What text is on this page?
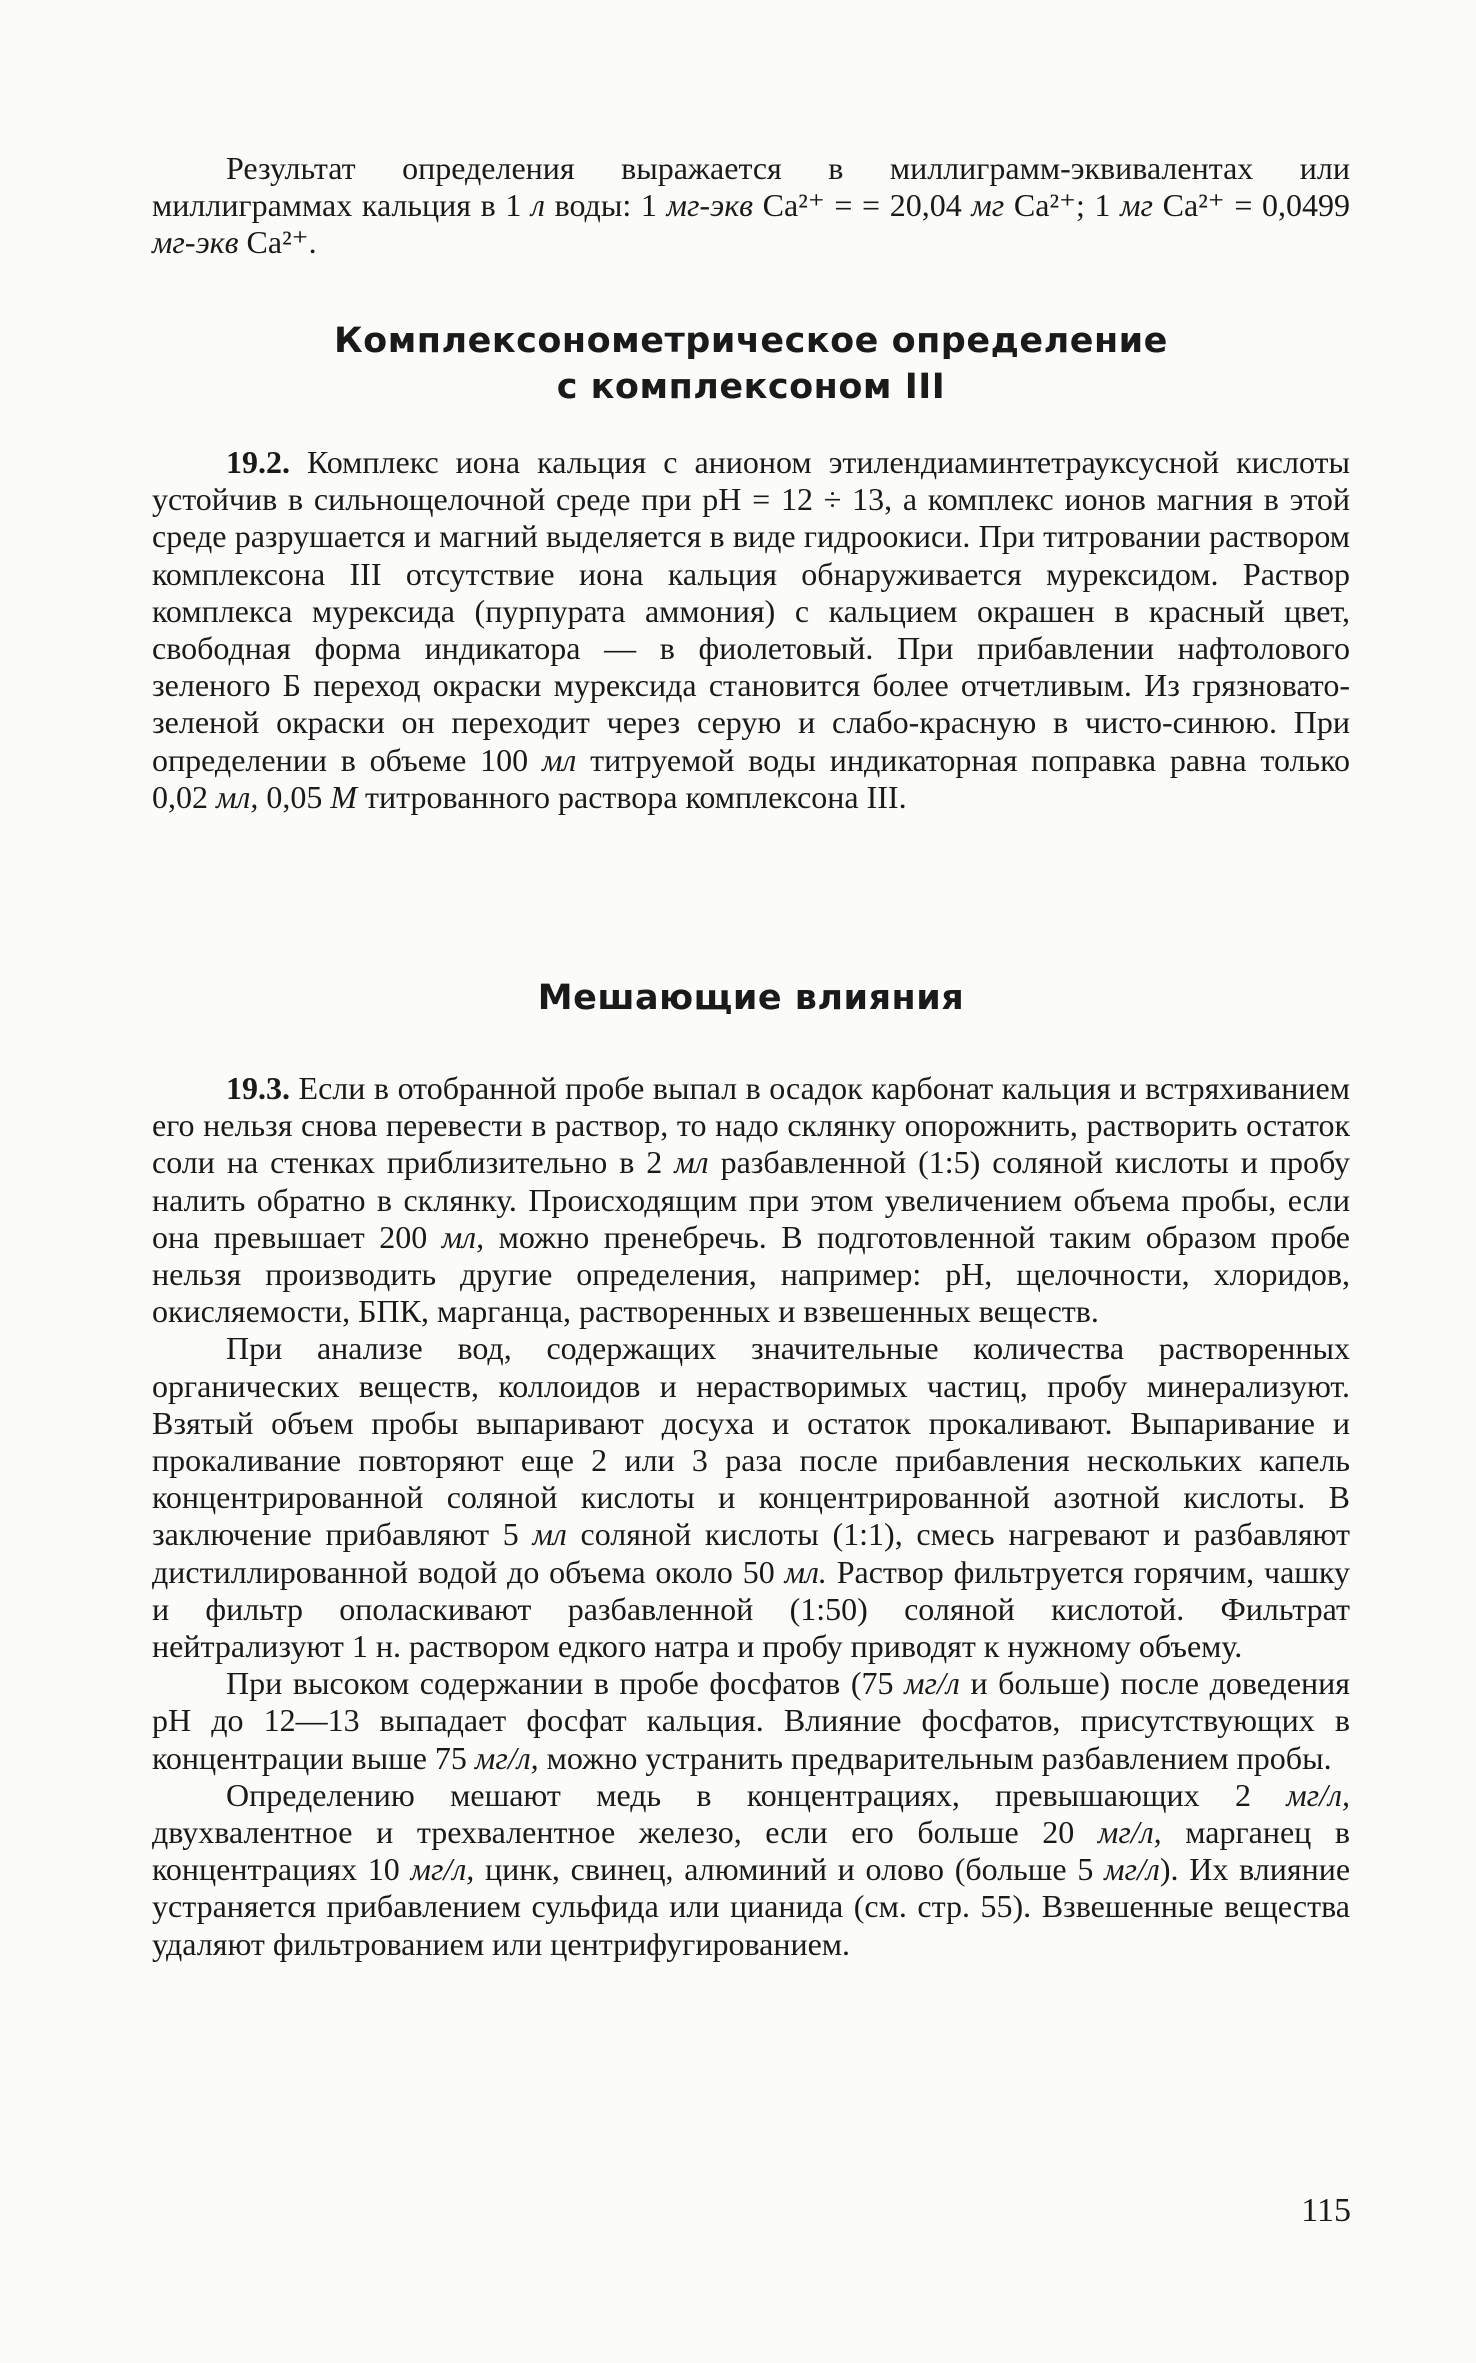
Результат определения выражается в миллиграмм-эквивалентах или миллиграммах кальция в 1 л воды: 1 мг-экв Ca²⁺ = = 20,04 мг Ca²⁺; 1 мг Ca²⁺ = 0,0499 мг-экв Ca²⁺.

Комплексонометрическое определение
с комплексоном III

19.2. Комплекс иона кальция с анионом этилендиаминтетрауксусной кислоты устойчив в сильнощелочной среде при pH = 12 ÷ 13, а комплекс ионов магния в этой среде разрушается и магний выделяется в виде гидроокиси. При титровании раствором комплексона III отсутствие иона кальция обнаруживается мурексидом. Раствор комплекса мурексида (пурпурата аммония) с кальцием окрашен в красный цвет, свободная форма индикатора — в фиолетовый. При прибавлении нафтолового зеленого Б переход окраски мурексида становится более отчетливым. Из грязновато-зеленой окраски он переходит через серую и слабо-красную в чисто-синюю. При определении в объеме 100 мл титруемой воды индикаторная поправка равна только 0,02 мл, 0,05 М титрованного раствора комплексона III.

Мешающие влияния

19.3. Если в отобранной пробе выпал в осадок карбонат кальция и встряхиванием его нельзя снова перевести в раствор, то надо склянку опорожнить, растворить остаток соли на стенках приблизительно в 2 мл разбавленной (1:5) соляной кислоты и пробу налить обратно в склянку. Происходящим при этом увеличением объема пробы, если она превышает 200 мл, можно пренебречь. В подготовленной таким образом пробе нельзя производить другие определения, например: pH, щелочности, хлоридов, окисляемости, БПК, марганца, растворенных и взвешенных веществ.

При анализе вод, содержащих значительные количества растворенных органических веществ, коллоидов и нерастворимых частиц, пробу минерализуют. Взятый объем пробы выпаривают досуха и остаток прокаливают. Выпаривание и прокаливание повторяют еще 2 или 3 раза после прибавления нескольких капель концентрированной соляной кислоты и концентрированной азотной кислоты. В заключение прибавляют 5 мл соляной кислоты (1:1), смесь нагревают и разбавляют дистиллированной водой до объема около 50 мл. Раствор фильтруется горячим, чашку и фильтр ополаскивают разбавленной (1:50) соляной кислотой. Фильтрат нейтрализуют 1 н. раствором едкого натра и пробу приводят к нужному объему.

При высоком содержании в пробе фосфатов (75 мг/л и больше) после доведения pH до 12—13 выпадает фосфат кальция. Влияние фосфатов, присутствующих в концентрации выше 75 мг/л, можно устранить предварительным разбавлением пробы.

Определению мешают медь в концентрациях, превышающих 2 мг/л, двухвалентное и трехвалентное железо, если его больше 20 мг/л, марганец в концентрациях 10 мг/л, цинк, свинец, алюминий и олово (больше 5 мг/л). Их влияние устраняется прибавлением сульфида или цианида (см. стр. 55). Взвешенные вещества удаляют фильтрованием или центрифугированием.

115
